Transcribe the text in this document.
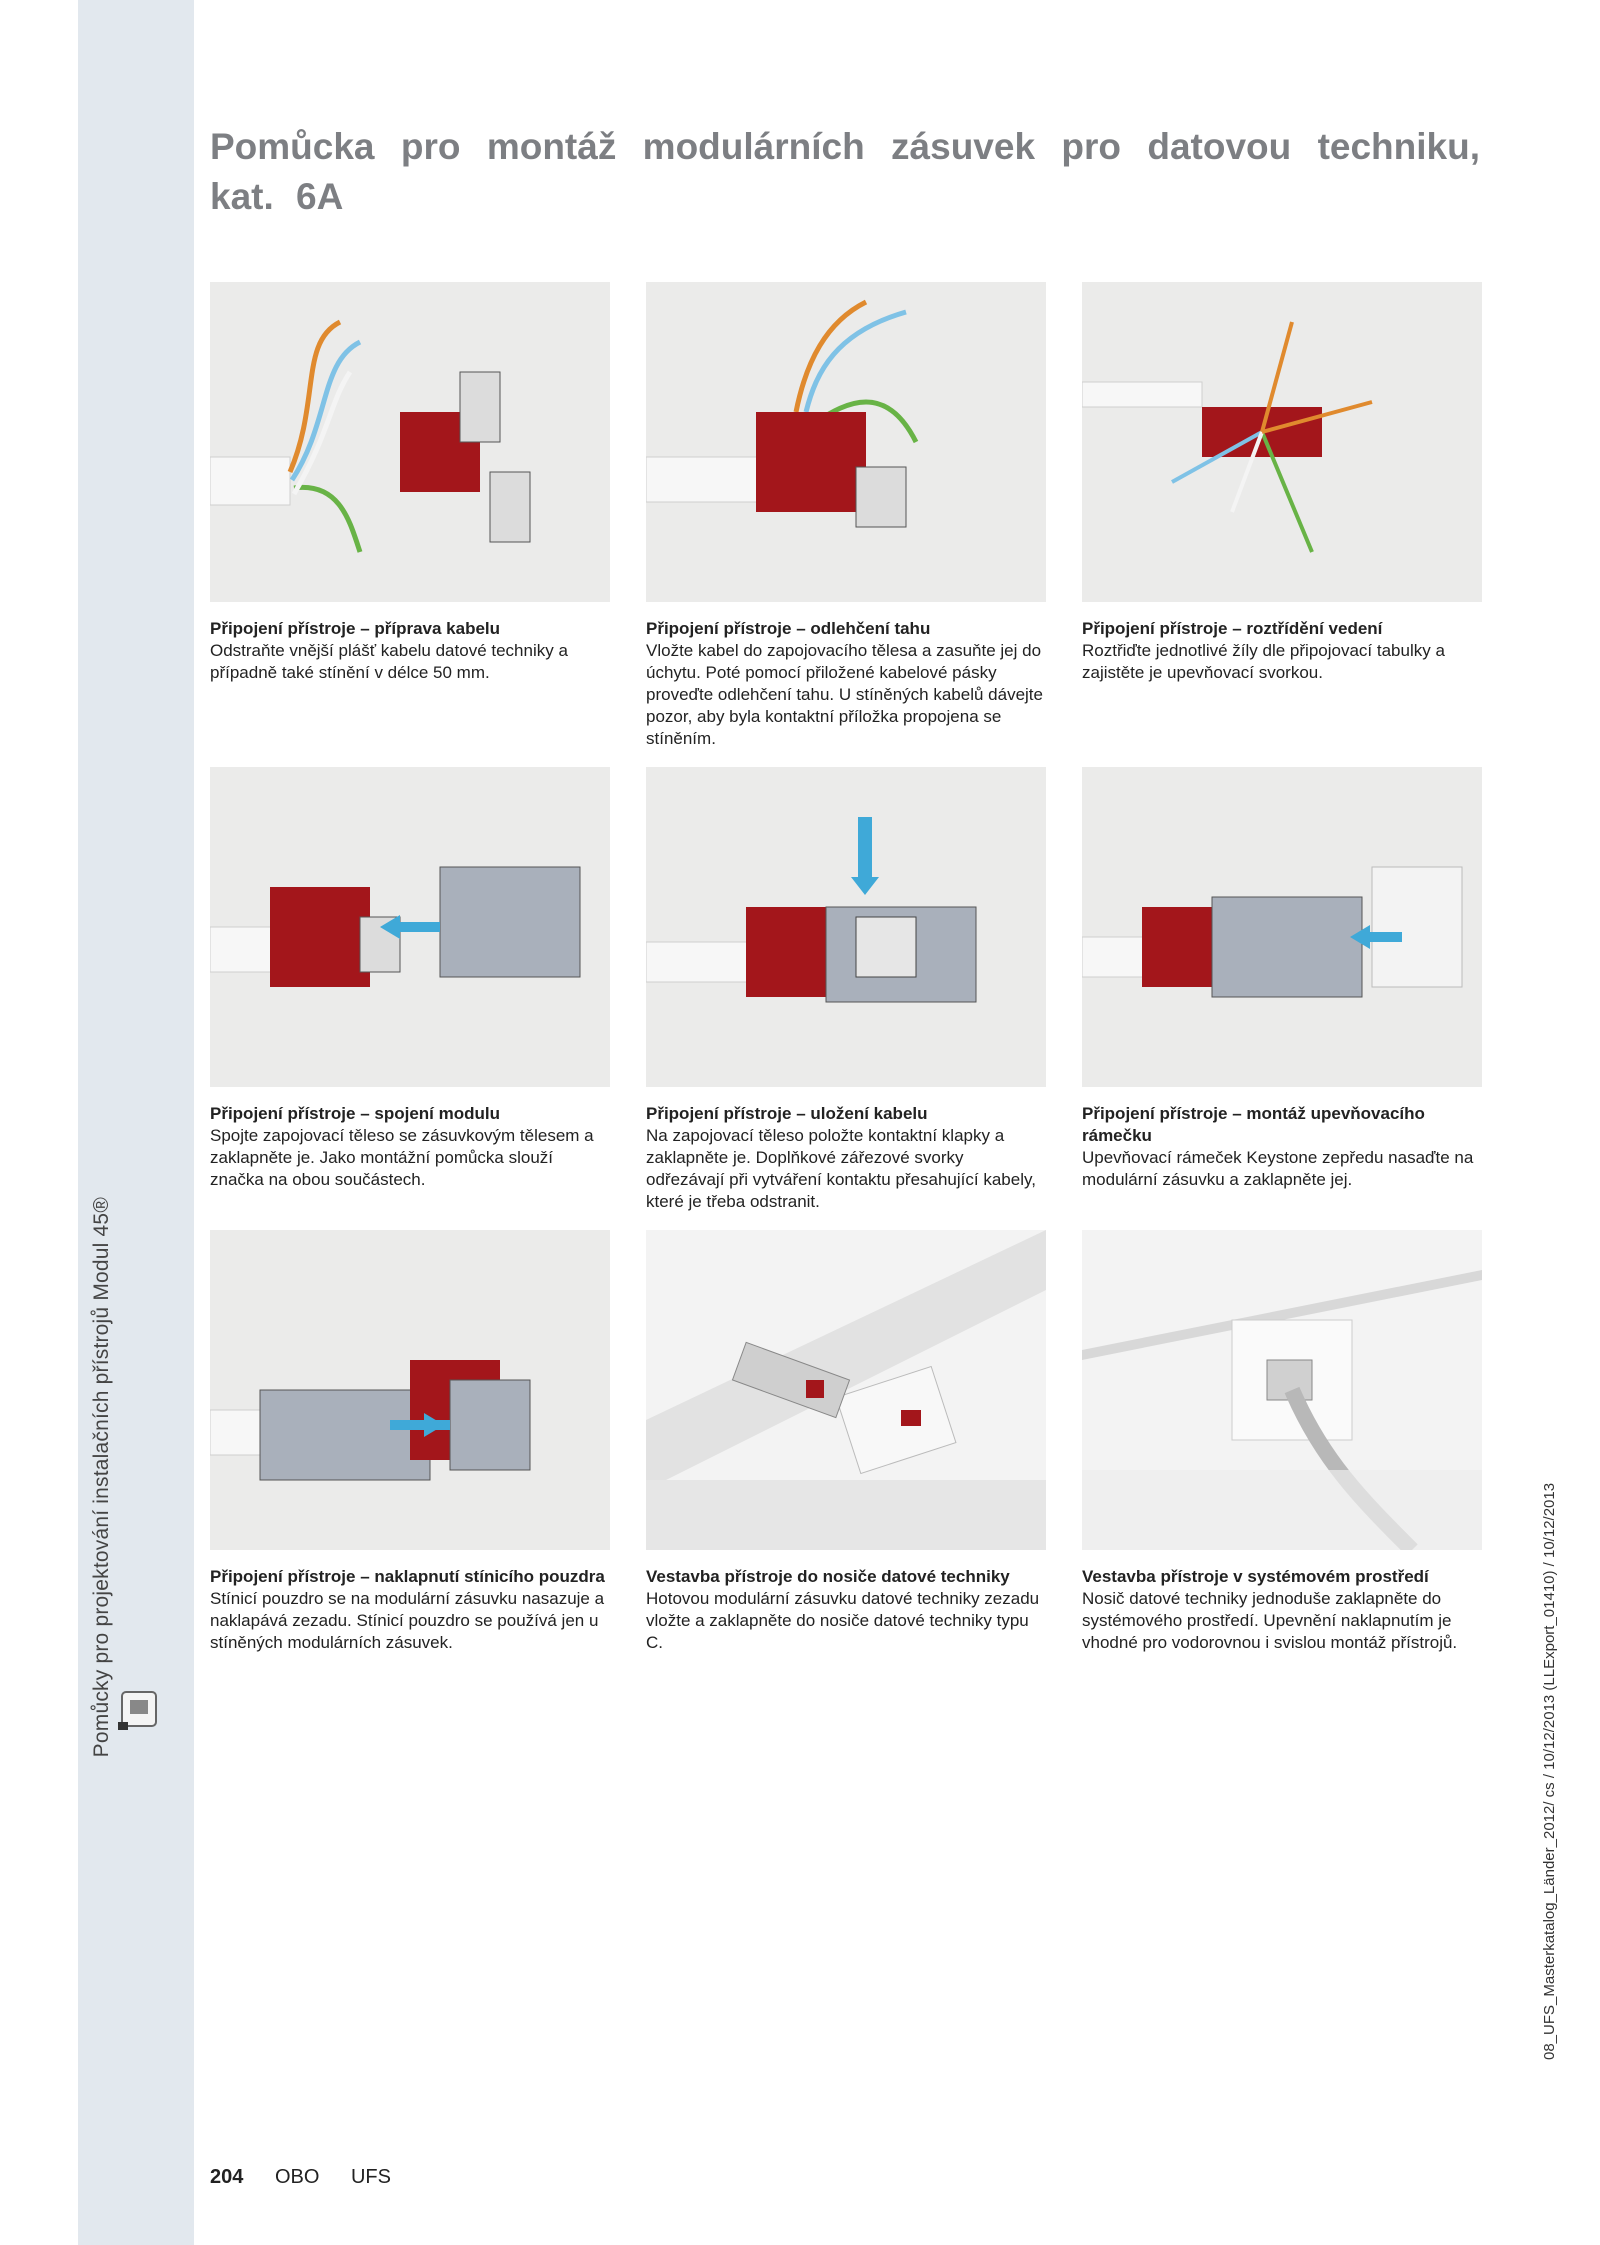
Pomůcky pro projektování instalačních přístrojů Modul 45®
Pomůcka pro montáž modulárních zásuvek pro datovou techniku, kat. 6A
Připojení přístroje – příprava kabelu
Odstraňte vnější plášť kabelu datové techniky a případně také stínění v délce 50 mm.
Připojení přístroje – odlehčení tahu
Vložte kabel do zapojovacího tělesa a zasuňte jej do úchytu. Poté pomocí přiložené kabelové pásky proveďte odlehčení tahu. U stíněných kabelů dávejte pozor, aby byla kontaktní příložka propojena se stíněním.
Připojení přístroje – roztřídění vedení
Roztřiďte jednotlivé žíly dle připojovací tabulky a zajistěte je upevňovací svorkou.
Připojení přístroje – spojení modulu
Spojte zapojovací těleso se zásuvkovým tělesem a zaklapněte je. Jako montážní pomůcka slouží značka na obou součástech.
Připojení přístroje – uložení kabelu
Na zapojovací těleso položte kontaktní klapky a zaklapněte je. Doplňkové zářezové svorky odřezávají při vytváření kontaktu přesahující kabely, které je třeba odstranit.
Připojení přístroje – montáž upevňovacího rámečku
Upevňovací rámeček Keystone zepředu nasaďte na modulární zásuvku a zaklapněte jej.
Připojení přístroje – naklapnutí stínicího pouzdra
Stínicí pouzdro se na modulární zásuvku nasazuje a naklapává zezadu. Stínicí pouzdro se používá jen u stíněných modulárních zásuvek.
Vestavba přístroje do nosiče datové techniky
Hotovou modulární zásuvku datové techniky zezadu vložte a zaklapněte do nosiče datové techniky typu C.
Vestavba přístroje v systémovém prostředí
Nosič datové techniky jednoduše zaklapněte do systémového prostředí. Upevnění naklapnutím je vhodné pro vodorovnou i svislou montáž přístrojů.
204 OBO UFS
08_UFS_Masterkatalog_Länder_2012/ cs / 10/12/2013 (LLExport_01410) / 10/12/2013
